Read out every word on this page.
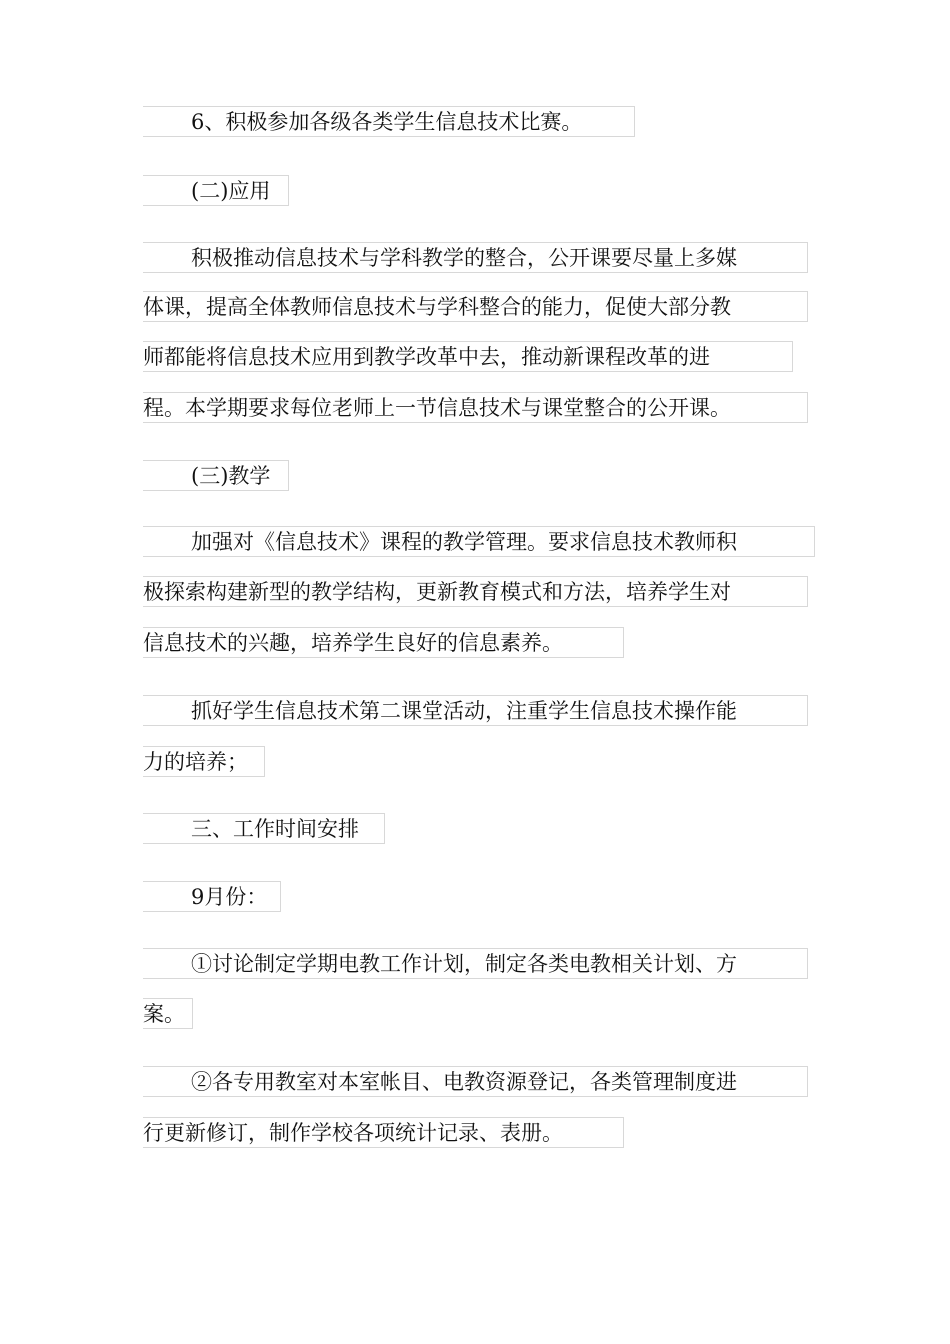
6、积极参加各级各类学生信息技术比赛。
(二)应用
积极推动信息技术与学科教学的整合，公开课要尽量上多媒
体课，提高全体教师信息技术与学科整合的能力，促使大部分教
师都能将信息技术应用到教学改革中去，推动新课程改革的进
程。本学期要求每位老师上一节信息技术与课堂整合的公开课。
(三)教学
加强对《信息技术》课程的教学管理。要求信息技术教师积
极探索构建新型的教学结构，更新教育模式和方法，培养学生对
信息技术的兴趣，培养学生良好的信息素养。
抓好学生信息技术第二课堂活动，注重学生信息技术操作能
力的培养；
三、工作时间安排
9月份：
①讨论制定学期电教工作计划，制定各类电教相关计划、方
案。
②各专用教室对本室帐目、电教资源登记，各类管理制度进
行更新修订，制作学校各项统计记录、表册。
